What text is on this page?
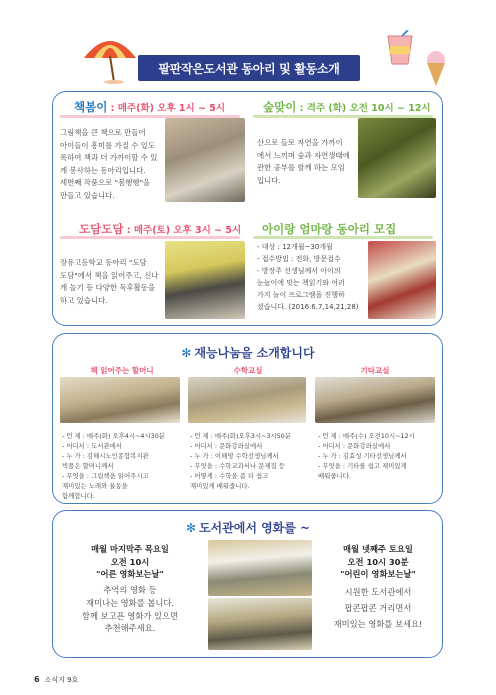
팔판작은도서관 동아리 및 활동소개
책봄이 : 매주(화) 오후 1시 ~ 5시
그림책을 큰 책으로 만들어
아이들이 흥미를 가질 수 있도
록하여 책과 더 가까이할 수 있
게 봉사하는 동아리입니다.
세번째 작품으로 "봄행행"을
만들고 있습니다.
숲맞이 : 격주 (화) 오전 10시 ~ 12시
산으로 들로 자연을 가까이
에서 느끼며 숲과 자연생태에
관한 공부를 함께 하는 모임
입니다.
도담도담 : 매주(토) 오후 3시 ~ 5시
장유고등학교 동아리 "도담
도담"에서 책을 읽어주고, 신나
게 놀기 등 다양한 독후활동을
하고 있습니다.
아이랑 엄마랑 동아리 모집
- 대상 : 12개월~30개월
- 접수방법 : 전화, 방문접수
- 방장주 선생님께서 아이의
눈높이에 맞는 책읽기와 여러
가지 놀이 프로그램을 진행하
셨습니다. (2016.6.7,14,21,28)
✻ 재능나눔을 소개합니다
책 읽어주는 할머니
- 언 제 : 매주(화) 오후4시~4시30분
- 어디서 : 도서관에서
- 누 가 : 김해시노인종합복지관
빅플은 할머니께서
- 무엇을 : 그림책을 읽어주시고
재미있는 노래와 율동을
함께합니다.
수학교실
- 언 제 : 매주(화)오후3시~3시50분
- 어디서 : 문화강좌실에서
- 누 가 : 이해영 수학선생님께서
- 무엇을 : 수학교과서나 문제집 등
- 어떻게 : 수학을 좀 더 쉽고
재미있게 배워줍니다.
기타교실
- 언 제 : 매주(수) 오전10시~12시
- 어디서 : 문화강좌실에서
- 누 가 : 김효성 기타선생님께서
- 무엇을 : 기타를 쉽고 재미있게
배워줍니다.
✻ 도서관에서 영화를 ~
매월 마지막주 목요일
오전 10시
"어른 영화보는날"
추억의 영화 등
재미나는 영화를 봅니다.
함께 보고픈 영화가 있으면
추천해주세요.
매월 넷째주 토요일
오전 10시 30분
"어린이 영화보는날"
시원한 도서관에서
팝콘팝콘 거리면서
재미있는 영화를 보세요!
6 소식지 9호
